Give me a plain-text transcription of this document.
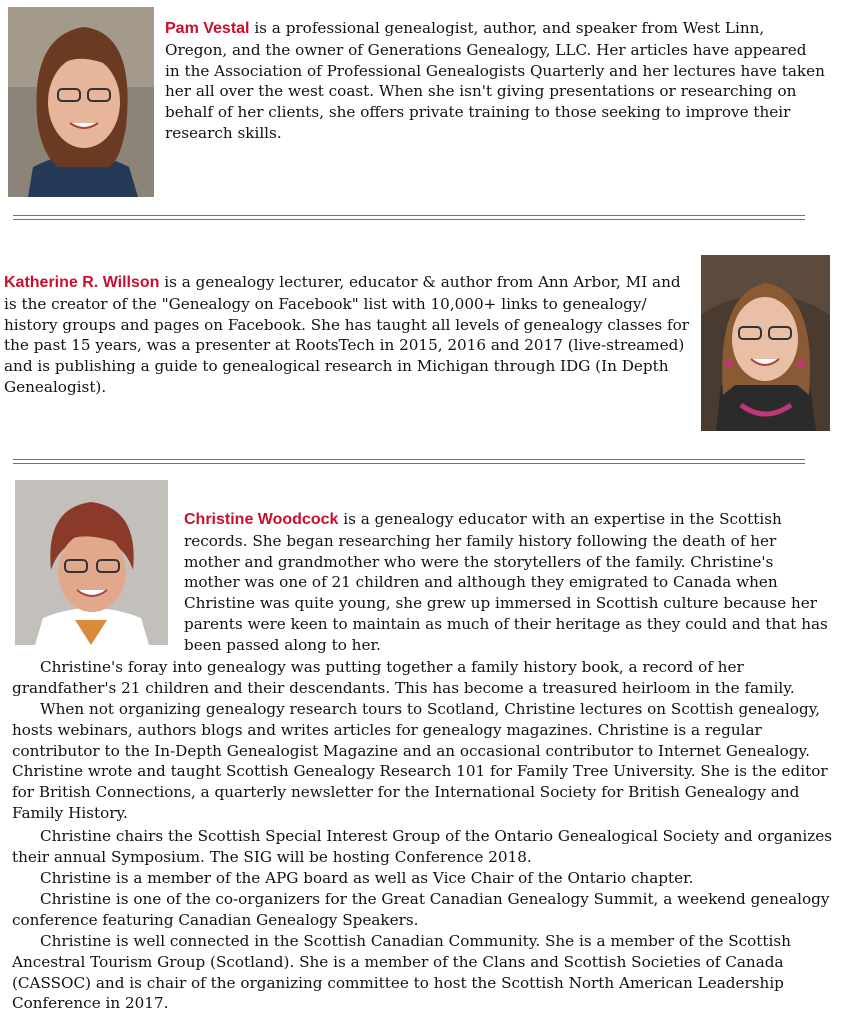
Pam Vestal is a professional genealogist, author, and speaker from West Linn, Oregon, and the owner of Generations Genealogy, LLC. Her articles have appeared in the Association of Professional Genealogists Quarterly and her lectures have taken her all over the west coast. When she isn't giving presentations or researching on behalf of her clients, she offers private training to those seeking to improve their research skills.
Katherine R. Willson is a genealogy lecturer, educator & author from Ann Arbor, MI and is the creator of the "Genealogy on Facebook" list with 10,000+ links to genealogy/ history groups and pages on Facebook. She has taught all levels of genealogy classes for the past 15 years, was a presenter at RootsTech in 2015, 2016 and 2017 (live-streamed) and is publishing a guide to genealogical research in Michigan through IDG (In Depth Genealogist).
Christine Woodcock is a genealogy educator with an expertise in the Scottish records. She began researching her family history following the death of her mother and grandmother who were the storytellers of the family. Christine's mother was one of 21 children and although they emigrated to Canada when Christine was quite young, she grew up immersed in Scottish culture because her parents were keen to maintain as much of their heritage as they could and that has been passed along to her.

Christine's foray into genealogy was putting together a family history book, a record of her grandfather's 21 children and their descendants. This has become a treasured heirloom in the family.

When not organizing genealogy research tours to Scotland, Christine lectures on Scottish genealogy, hosts webinars, authors blogs and writes articles for genealogy magazines. Christine is a regular contributor to the In-Depth Genealogist Magazine and an occasional contributor to Internet Genealogy. Christine wrote and taught Scottish Genealogy Research 101 for Family Tree University. She is the editor for British Connections, a quarterly newsletter for the International Society for British Genealogy and Family History.

Christine chairs the Scottish Special Interest Group of the Ontario Genealogical Society and organizes their annual Symposium. The SIG will be hosting Conference 2018.

Christine is a member of the APG board as well as Vice Chair of the Ontario chapter.

Christine is one of the co-organizers for the Great Canadian Genealogy Summit, a weekend genealogy conference featuring Canadian Genealogy Speakers.

Christine is well connected in the Scottish Canadian Community. She is a member of the Scottish Ancestral Tourism Group (Scotland). She is a member of the Clans and Scottish Societies of Canada (CASSOC) and is chair of the organizing committee to host the Scottish North American Leadership Conference in 2017.
